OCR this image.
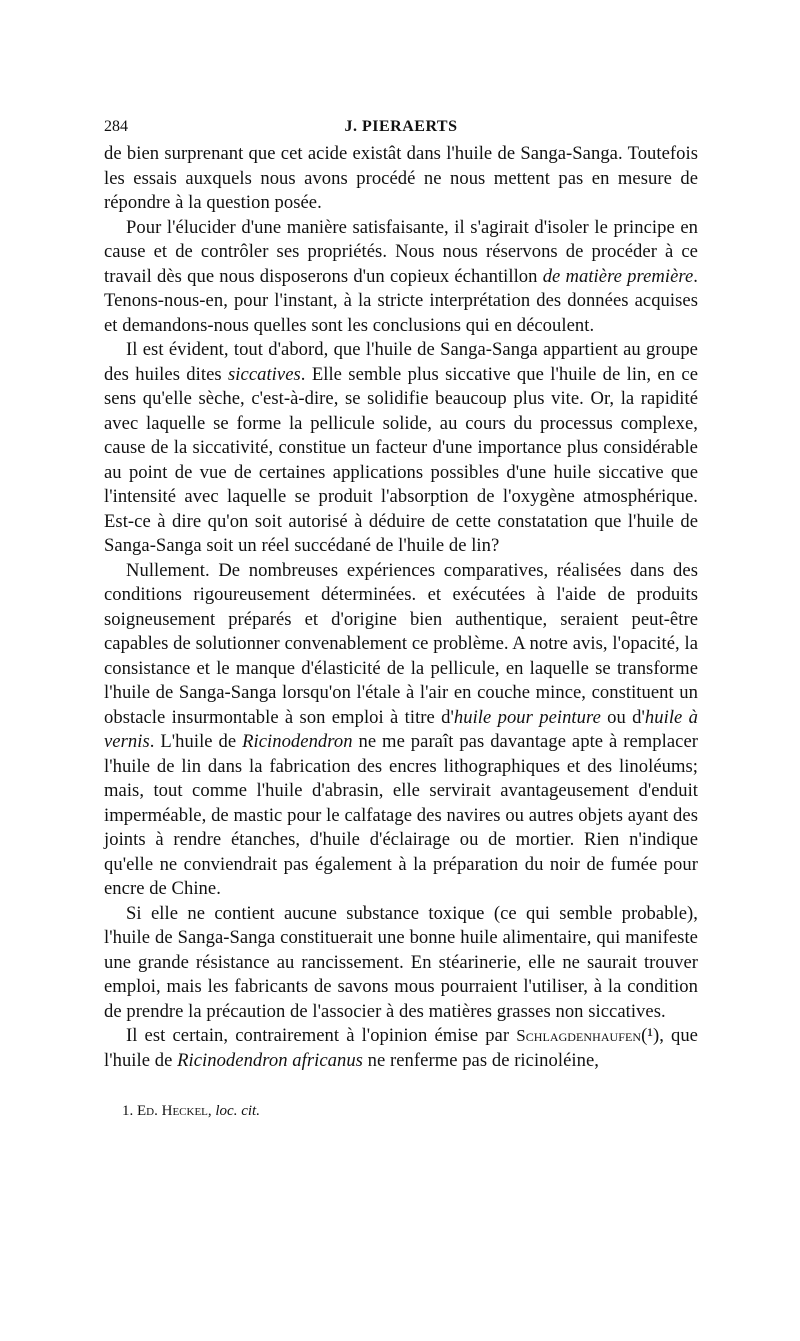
284	J. PIERAERTS

de bien surprenant que cet acide existât dans l'huile de Sanga-Sanga. Toutefois les essais auxquels nous avons procédé ne nous mettent pas en mesure de répondre à la question posée.

Pour l'élucider d'une manière satisfaisante, il s'agirait d'isoler le principe en cause et de contrôler ses propriétés. Nous nous réservons de procéder à ce travail dès que nous disposerons d'un copieux échantillon de matière première. Tenons-nous-en, pour l'instant, à la stricte interprétation des données acquises et demandons-nous quelles sont les conclusions qui en découlent.

Il est évident, tout d'abord, que l'huile de Sanga-Sanga appartient au groupe des huiles dites siccatives. Elle semble plus siccative que l'huile de lin, en ce sens qu'elle sèche, c'est-à-dire, se solidifie beaucoup plus vite. Or, la rapidité avec laquelle se forme la pellicule solide, au cours du processus complexe, cause de la siccativité, constitue un facteur d'une importance plus considérable au point de vue de certaines applications possibles d'une huile siccative que l'intensité avec laquelle se produit l'absorption de l'oxygène atmosphérique. Est-ce à dire qu'on soit autorisé à déduire de cette constatation que l'huile de Sanga-Sanga soit un réel succédané de l'huile de lin?

Nullement. De nombreuses expériences comparatives, réalisées dans des conditions rigoureusement déterminées. et exécutées à l'aide de produits soigneusement préparés et d'origine bien authentique, seraient peut-être capables de solutionner convenablement ce problème. A notre avis, l'opacité, la consistance et le manque d'élasticité de la pellicule, en laquelle se transforme l'huile de Sanga-Sanga lorsqu'on l'étale à l'air en couche mince, constituent un obstacle insurmontable à son emploi à titre d'huile pour peinture ou d'huile à vernis. L'huile de Ricinodendron ne me paraît pas davantage apte à remplacer l'huile de lin dans la fabrication des encres lithographiques et des linoléums; mais, tout comme l'huile d'abrasin, elle servirait avantageusement d'enduit imperméable, de mastic pour le calfatage des navires ou autres objets ayant des joints à rendre étanches, d'huile d'éclairage ou de mortier. Rien n'indique qu'elle ne conviendrait pas également à la préparation du noir de fumée pour encre de Chine.

Si elle ne contient aucune substance toxique (ce qui semble probable), l'huile de Sanga-Sanga constituerait une bonne huile alimentaire, qui manifeste une grande résistance au rancissement. En stéarinerie, elle ne saurait trouver emploi, mais les fabricants de savons mous pourraient l'utiliser, à la condition de prendre la précaution de l'associer à des matières grasses non siccatives.

Il est certain, contrairement à l'opinion émise par Schlagdenhaufen(¹), que l'huile de Ricinodendron africanus ne renferme pas de ricinoléine,

1. Ed. Heckel, loc. cit.
